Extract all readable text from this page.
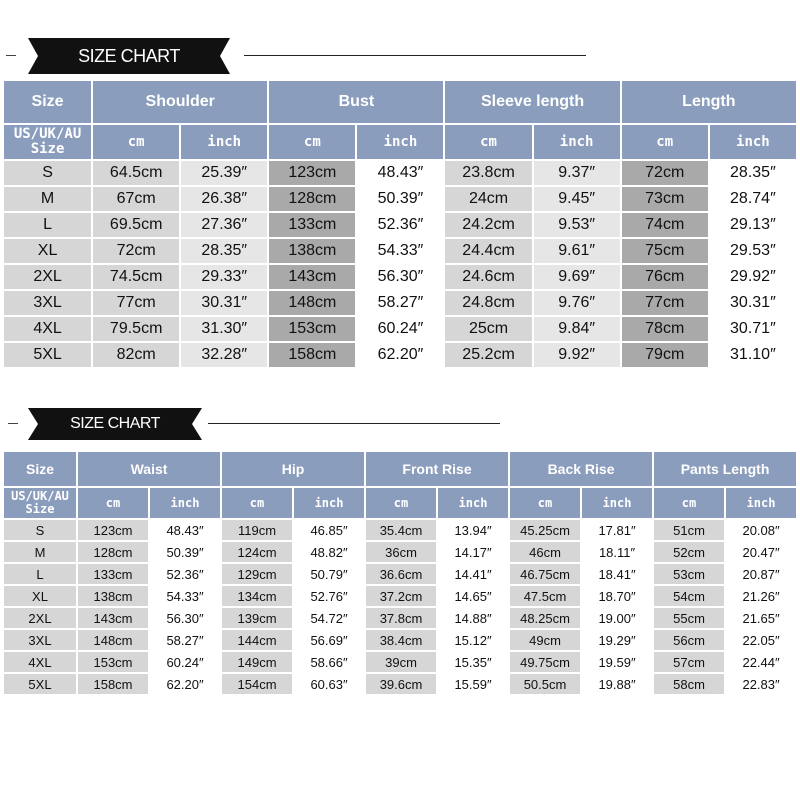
SIZE CHART
Size	Shoulder		Bust		Sleeve length		Length	

US/UK/AU
Size	cm	inch	cm	inch	cm	inch	cm	inch
S	64.5cm	25.39″	123cm	48.43″	23.8cm	9.37″	72cm	28.35″
M	67cm	26.38″	128cm	50.39″	24cm	9.45″	73cm	28.74″
L	69.5cm	27.36″	133cm	52.36″	24.2cm	9.53″	74cm	29.13″
XL	72cm	28.35″	138cm	54.33″	24.4cm	9.61″	75cm	29.53″
2XL	74.5cm	29.33″	143cm	56.30″	24.6cm	9.69″	76cm	29.92″
3XL	77cm	30.31″	148cm	58.27″	24.8cm	9.76″	77cm	30.31″
4XL	79.5cm	31.30″	153cm	60.24″	25cm	9.84″	78cm	30.71″
5XL	82cm	32.28″	158cm	62.20″	25.2cm	9.92″	79cm	31.10″
SIZE CHART
Size	Waist		Hip		Front Rise		Back Rise		Pants Length	

US/UK/AU
Size	cm	inch	cm	inch	cm	inch	cm	inch	cm	inch
S	123cm	48.43″	119cm	46.85″	35.4cm	13.94″	45.25cm	17.81″	51cm	20.08″
M	128cm	50.39″	124cm	48.82″	36cm	14.17″	46cm	18.11″	52cm	20.47″
L	133cm	52.36″	129cm	50.79″	36.6cm	14.41″	46.75cm	18.41″	53cm	20.87″
XL	138cm	54.33″	134cm	52.76″	37.2cm	14.65″	47.5cm	18.70″	54cm	21.26″
2XL	143cm	56.30″	139cm	54.72″	37.8cm	14.88″	48.25cm	19.00″	55cm	21.65″
3XL	148cm	58.27″	144cm	56.69″	38.4cm	15.12″	49cm	19.29″	56cm	22.05″
4XL	153cm	60.24″	149cm	58.66″	39cm	15.35″	49.75cm	19.59″	57cm	22.44″
5XL	158cm	62.20″	154cm	60.63″	39.6cm	15.59″	50.5cm	19.88″	58cm	22.83″
